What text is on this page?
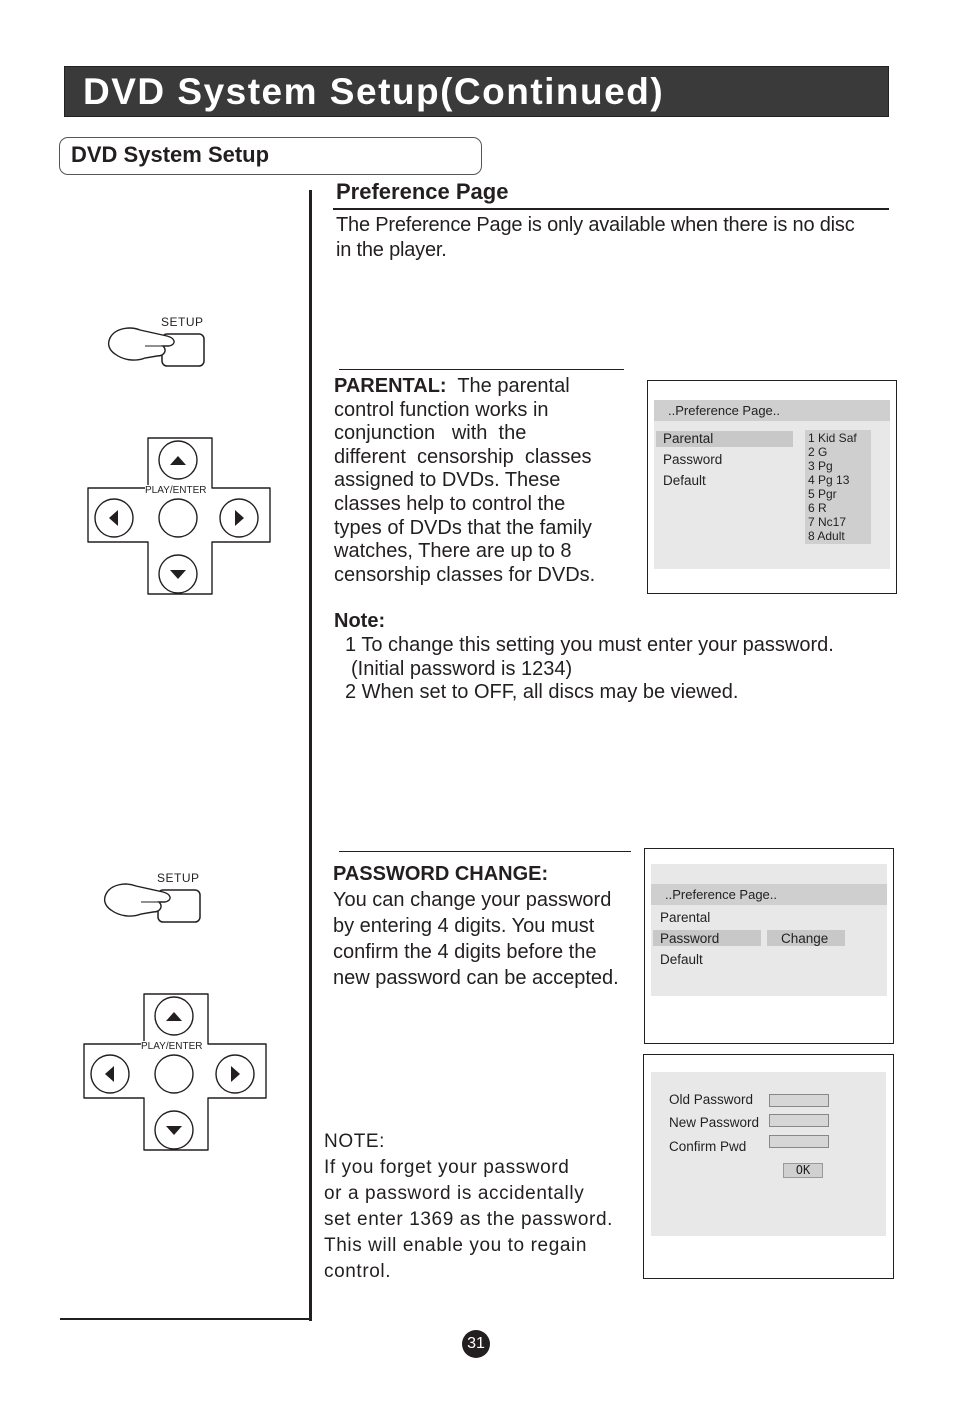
DVD System Setup(Continued)
DVD System Setup
Preference Page
The Preference Page is only available when there is no disc
in the player.
SETUP
PLAY/ENTER
PARENTAL: The parental
control function works in
conjunction   with  the
different  censorship  classes
assigned to DVDs. These
classes help to control the
types of DVDs that the family
watches, There are up to 8
censorship classes for DVDs.
..Preference Page..
Parental
Password
Default
1 Kid Saf
2 G
3 Pg
4 Pg 13
5 Pgr
6 R
7 Nc17
8 Adult
Note:
1 To change this setting you must enter your password.
(Initial password is 1234)
2 When set to OFF, all discs may be viewed.
SETUP
PLAY/ENTER
PASSWORD CHANGE:
You can change your password
by entering 4 digits. You must
confirm the 4 digits before the
new password can be accepted.
..Preference Page..
Parental
Password	Change
Default
Old Password
New Password
Confirm Pwd
OK
NOTE:
If you forget your password
or a password is accidentally
set enter 1369 as the password.
This will enable you to regain
control.
31
